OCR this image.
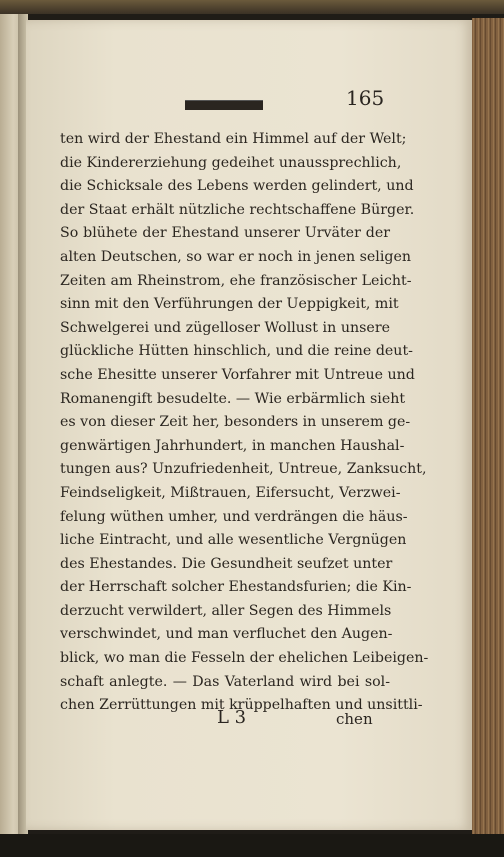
165
ten wird der Ehestand ein Himmel auf der Welt;
die Kindererziehung gedeihet unaussprechlich,
die Schicksale des Lebens werden gelindert, und
der Staat erhält nützliche rechtschaffene Bürger.
So blühete der Ehestand unserer Urväter der
alten Deutschen, so war er noch in jenen seligen
Zeiten am Rheinstrom, ehe französischer Leicht-
sinn mit den Verführungen der Ueppigkeit, mit
Schwelgerei und zügelloser Wollust in unsere
glückliche Hütten hinschlich, und die reine deut-
sche Ehesitte unserer Vorfahrer mit Untreue und
Romanengift besudelte. — Wie erbärmlich sieht
es von dieser Zeit her, besonders in unserem ge-
genwärtigen Jahrhundert, in manchen Haushal-
tungen aus? Unzufriedenheit, Untreue, Zanksucht,
Feindseligkeit, Mißtrauen, Eifersucht, Verzwei-
felung wüthen umher, und verdrängen die häus-
liche Eintracht, und alle wesentliche Vergnügen
des Ehestandes. Die Gesundheit seufzet unter
der Herrschaft solcher Ehestandsfurien; die Kin-
derzucht verwildert, aller Segen des Himmels
verschwindet, und man verfluchet den Augen-
blick, wo man die Fesseln der ehelichen Leibeigen-
schaft anlegte. — Das Vaterland wird bei sol-
chen Zerrüttungen mit krüppelhaften und unsittli-
L 3	chen
